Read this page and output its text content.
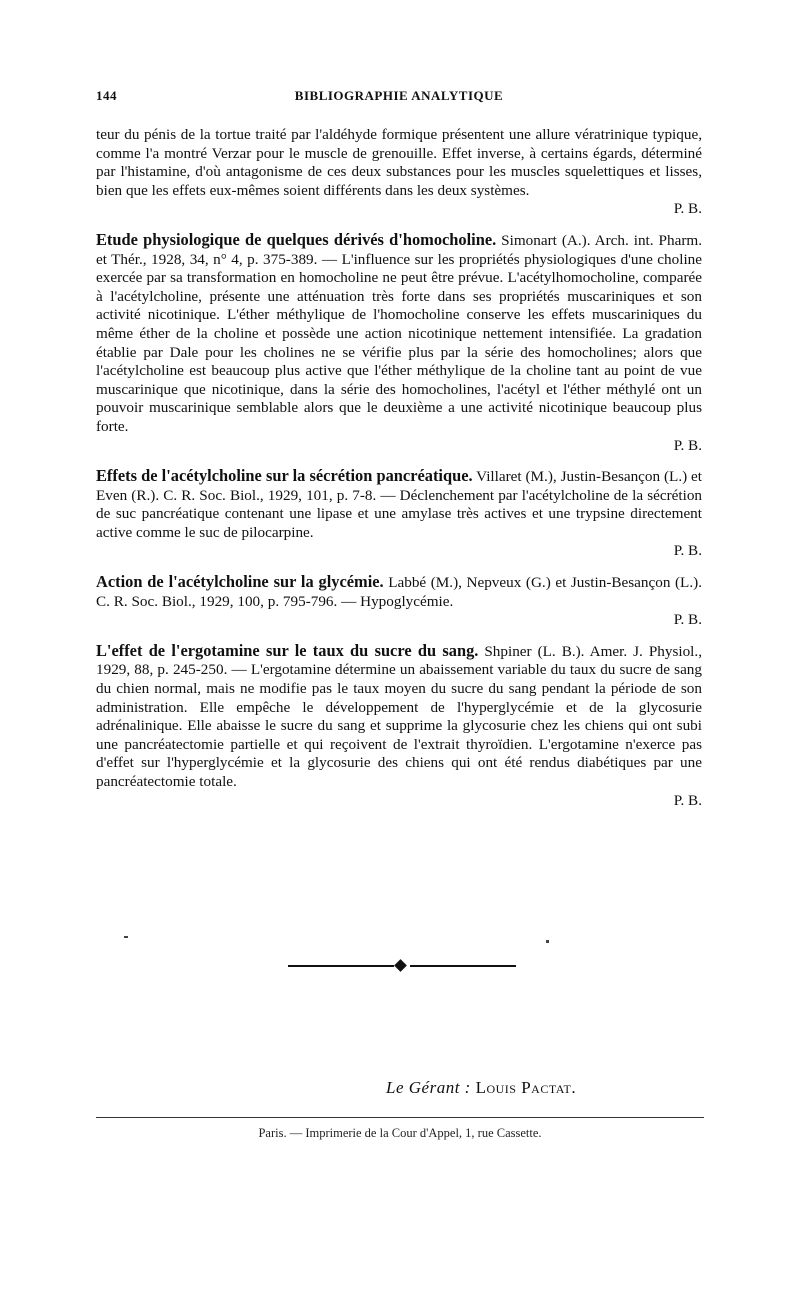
144	BIBLIOGRAPHIE ANALYTIQUE

teur du pénis de la tortue traité par l'aldéhyde formique présentent une allure vératrinique typique, comme l'a montré Verzar pour le muscle de grenouille. Effet inverse, à certains égards, déterminé par l'histamine, d'où antagonisme de ces deux substances pour les muscles squelettiques et lisses, bien que les effets eux-mêmes soient différents dans les deux systèmes.

P. B.

Etude physiologique de quelques dérivés d'homocholine. Simonart (A.). Arch. int. Pharm. et Thér., 1928, 34, n° 4, p. 375-389. — L'influence sur les propriétés physiologiques d'une choline exercée par sa transformation en homocholine ne peut être prévue. L'acétylhomocholine, comparée à l'acétylcholine, présente une atténuation très forte dans ses propriétés muscariniques et son activité nicotinique. L'éther méthylique de l'homocholine conserve les effets muscariniques du même éther de la choline et possède une action nicotinique nettement intensifiée. La gradation établie par Dale pour les cholines ne se vérifie plus par la série des homocholines; alors que l'acétylcholine est beaucoup plus active que l'éther méthylique de la choline tant au point de vue muscarinique que nicotinique, dans la série des homocholines, l'acétyl et l'éther méthylé ont un pouvoir muscarinique semblable alors que le deuxième a une activité nicotinique beaucoup plus forte.

P. B.

Effets de l'acétylcholine sur la sécrétion pancréatique. Villaret (M.), Justin-Besançon (L.) et Even (R.). C. R. Soc. Biol., 1929, 101, p. 7-8. — Déclenchement par l'acétylcholine de la sécrétion de suc pancréatique contenant une lipase et une amylase très actives et une trypsine directement active comme le suc de pilocarpine.

P. B.

Action de l'acétylcholine sur la glycémie. Labbé (M.), Nepveux (G.) et Justin-Besançon (L.). C. R. Soc. Biol., 1929, 100, p. 795-796. — Hypoglycémie.

P. B.

L'effet de l'ergotamine sur le taux du sucre du sang. Shpiner (L. B.). Amer. J. Physiol., 1929, 88, p. 245-250. — L'ergotamine détermine un abaissement variable du taux du sucre de sang du chien normal, mais ne modifie pas le taux moyen du sucre du sang pendant la période de son administration. Elle empêche le développement de l'hyperglycémie et de la glycosurie adrénalinique. Elle abaisse le sucre du sang et supprime la glycosurie chez les chiens qui ont subi une pancréatectomie partielle et qui reçoivent de l'extrait thyroïdien. L'ergotamine n'exerce pas d'effet sur l'hyperglycémie et la glycosurie des chiens qui ont été rendus diabétiques par une pancréatectomie totale.

P. B.
Le Gérant : Louis Pactat.
Paris. — Imprimerie de la Cour d'Appel, 1, rue Cassette.
